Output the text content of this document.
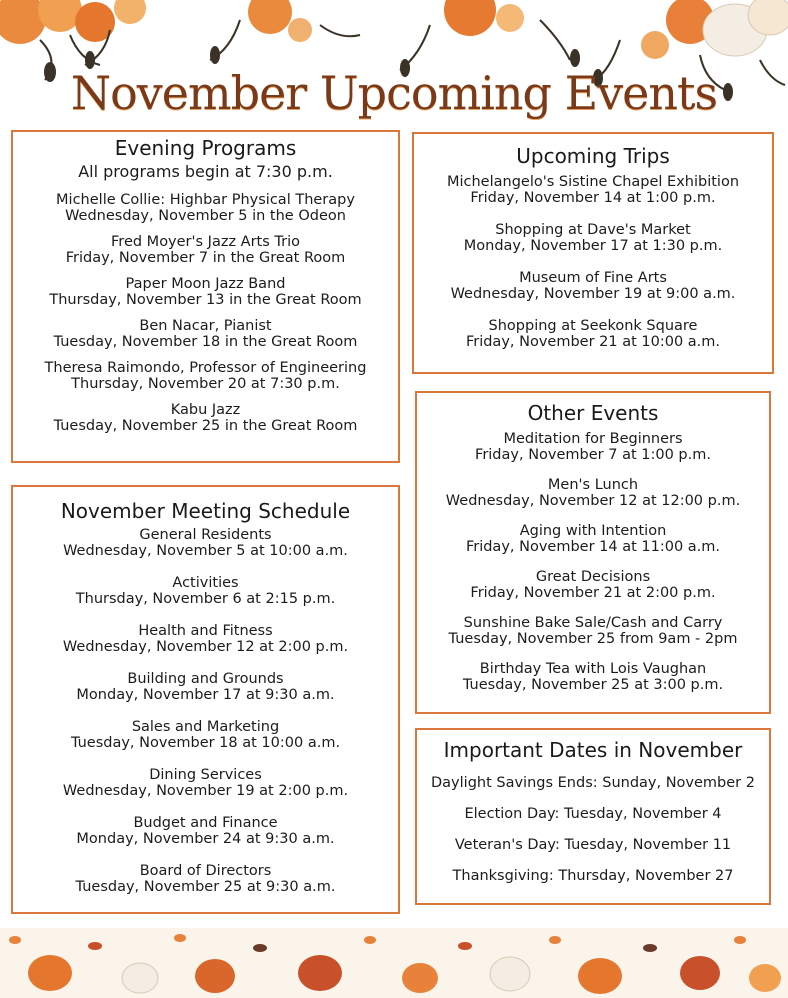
November Upcoming Events
Evening Programs
All programs begin at 7:30 p.m.
Michelle Collie: Highbar Physical Therapy
Wednesday, November 5 in the Odeon
Fred Moyer's Jazz Arts Trio
Friday, November 7 in the Great Room
Paper Moon Jazz Band
Thursday, November 13 in the Great Room
Ben Nacar, Pianist
Tuesday, November 18 in the Great Room
Theresa Raimondo, Professor of Engineering
Thursday, November 20 at 7:30 p.m.
Kabu Jazz
Tuesday, November 25 in the Great Room
November Meeting Schedule
General Residents
Wednesday, November 5 at 10:00 a.m.
Activities
Thursday, November 6 at 2:15 p.m.
Health and Fitness
Wednesday, November 12 at 2:00 p.m.
Building and Grounds
Monday, November 17 at 9:30 a.m.
Sales and Marketing
Tuesday, November 18 at 10:00 a.m.
Dining Services
Wednesday, November 19 at 2:00 p.m.
Budget and Finance
Monday, November 24 at 9:30 a.m.
Board of Directors
Tuesday, November 25 at 9:30 a.m.
Upcoming Trips
Michelangelo's Sistine Chapel Exhibition
Friday, November 14 at 1:00 p.m.
Shopping at Dave's Market
Monday, November 17 at 1:30 p.m.
Museum of Fine Arts
Wednesday, November 19 at 9:00 a.m.
Shopping at Seekonk Square
Friday, November 21 at 10:00 a.m.
Other Events
Meditation for Beginners
Friday, November 7 at 1:00 p.m.
Men's Lunch
Wednesday, November 12 at 12:00 p.m.
Aging with Intention
Friday, November 14 at 11:00 a.m.
Great Decisions
Friday, November 21 at 2:00 p.m.
Sunshine Bake Sale/Cash and Carry
Tuesday, November 25 from 9am - 2pm
Birthday Tea with Lois Vaughan
Tuesday, November 25 at 3:00 p.m.
Important Dates in November
Daylight Savings Ends: Sunday, November 2
Election Day: Tuesday, November 4
Veteran's Day: Tuesday, November 11
Thanksgiving: Thursday, November 27
